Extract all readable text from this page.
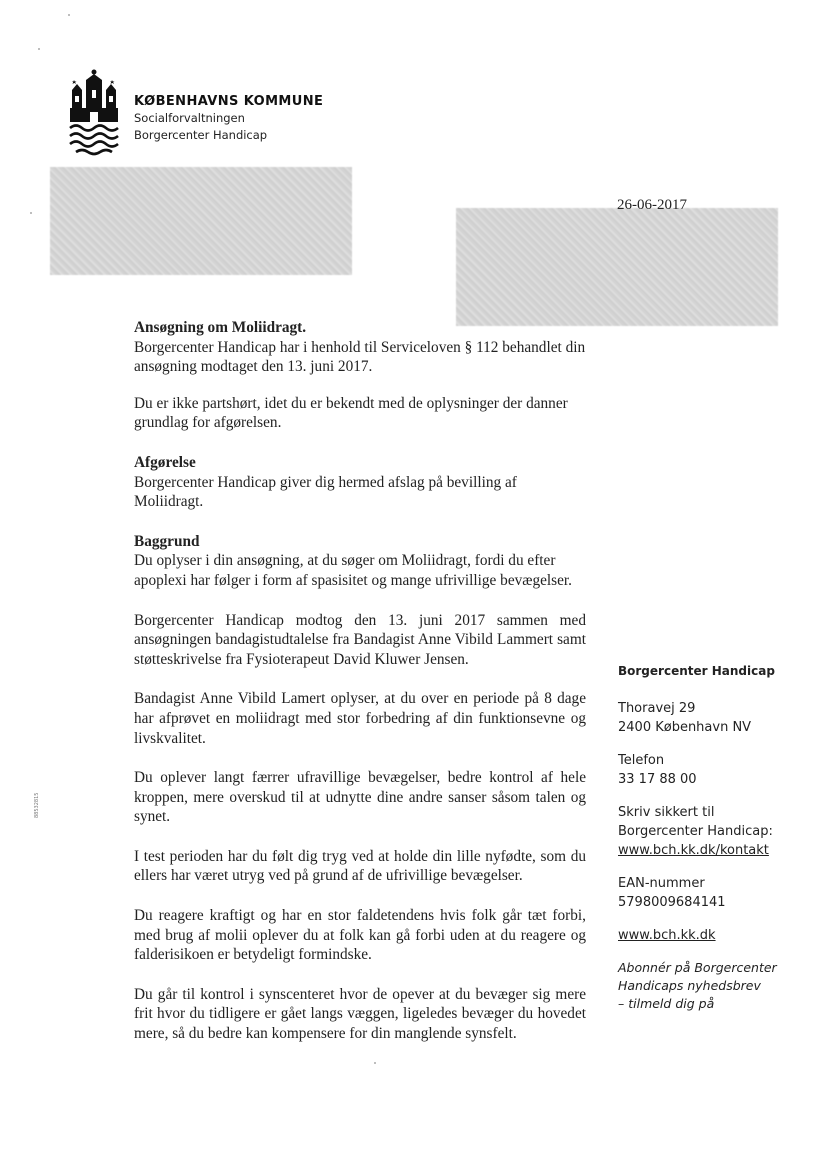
KØBENHAVNS KOMMUNE
Socialforvaltningen
Borgercenter Handicap
26-06-2017

Ansøgning om Moliidragt.
Borgercenter Handicap har i henhold til Serviceloven § 112 behandlet din ansøgning modtaget den 13. juni 2017.

Du er ikke partshørt, idet du er bekendt med de oplysninger der danner grundlag for afgørelsen.

Afgørelse
Borgercenter Handicap giver dig hermed afslag på bevilling af Moliidragt.

Baggrund
Du oplyser i din ansøgning, at du søger om Moliidragt, fordi du efter apoplexi har følger i form af spasisitet og mange ufrivillige bevægelser.

Borgercenter Handicap modtog den 13. juni 2017 sammen med ansøgningen bandagistudtalelse fra Bandagist Anne Vibild Lammert samt støtteskrivelse fra Fysioterapeut David Kluwer Jensen.

Bandagist Anne Vibild Lamert oplyser, at du over en periode på 8 dage har afprøvet en moliidragt med stor forbedring af din funktionsevne og livskvalitet.

Du oplever langt færrer ufravillige bevægelser, bedre kontrol af hele kroppen, mere overskud til at udnytte dine andre sanser såsom talen og synet.

I test perioden har du følt dig tryg ved at holde din lille nyfødte, som du ellers har været utryg ved på grund af de ufrivillige bevægelser.

Du reagere kraftigt og har en stor faldetendens hvis folk går tæt forbi, med brug af molii oplever du at folk kan gå forbi uden at du reagere og falderisikoen er betydeligt formindske.

Du går til kontrol i synscenteret hvor de opever at du bevæger sig mere frit hvor du tidligere er gået langs væggen, ligeledes bevæger du hovedet mere, så du bedre kan kompensere for din manglende synsfelt.

Borgercenter Handicap
Thoravej 29
2400 København NV
Telefon
33 17 88 00
Skriv sikkert til
Borgercenter Handicap:
www.bch.kk.dk/kontakt
EAN-nummer
5798009684141
www.bch.kk.dk
Abonnér på Borgercenter
Handicaps nyhedsbrev
– tilmeld dig på
88532815
